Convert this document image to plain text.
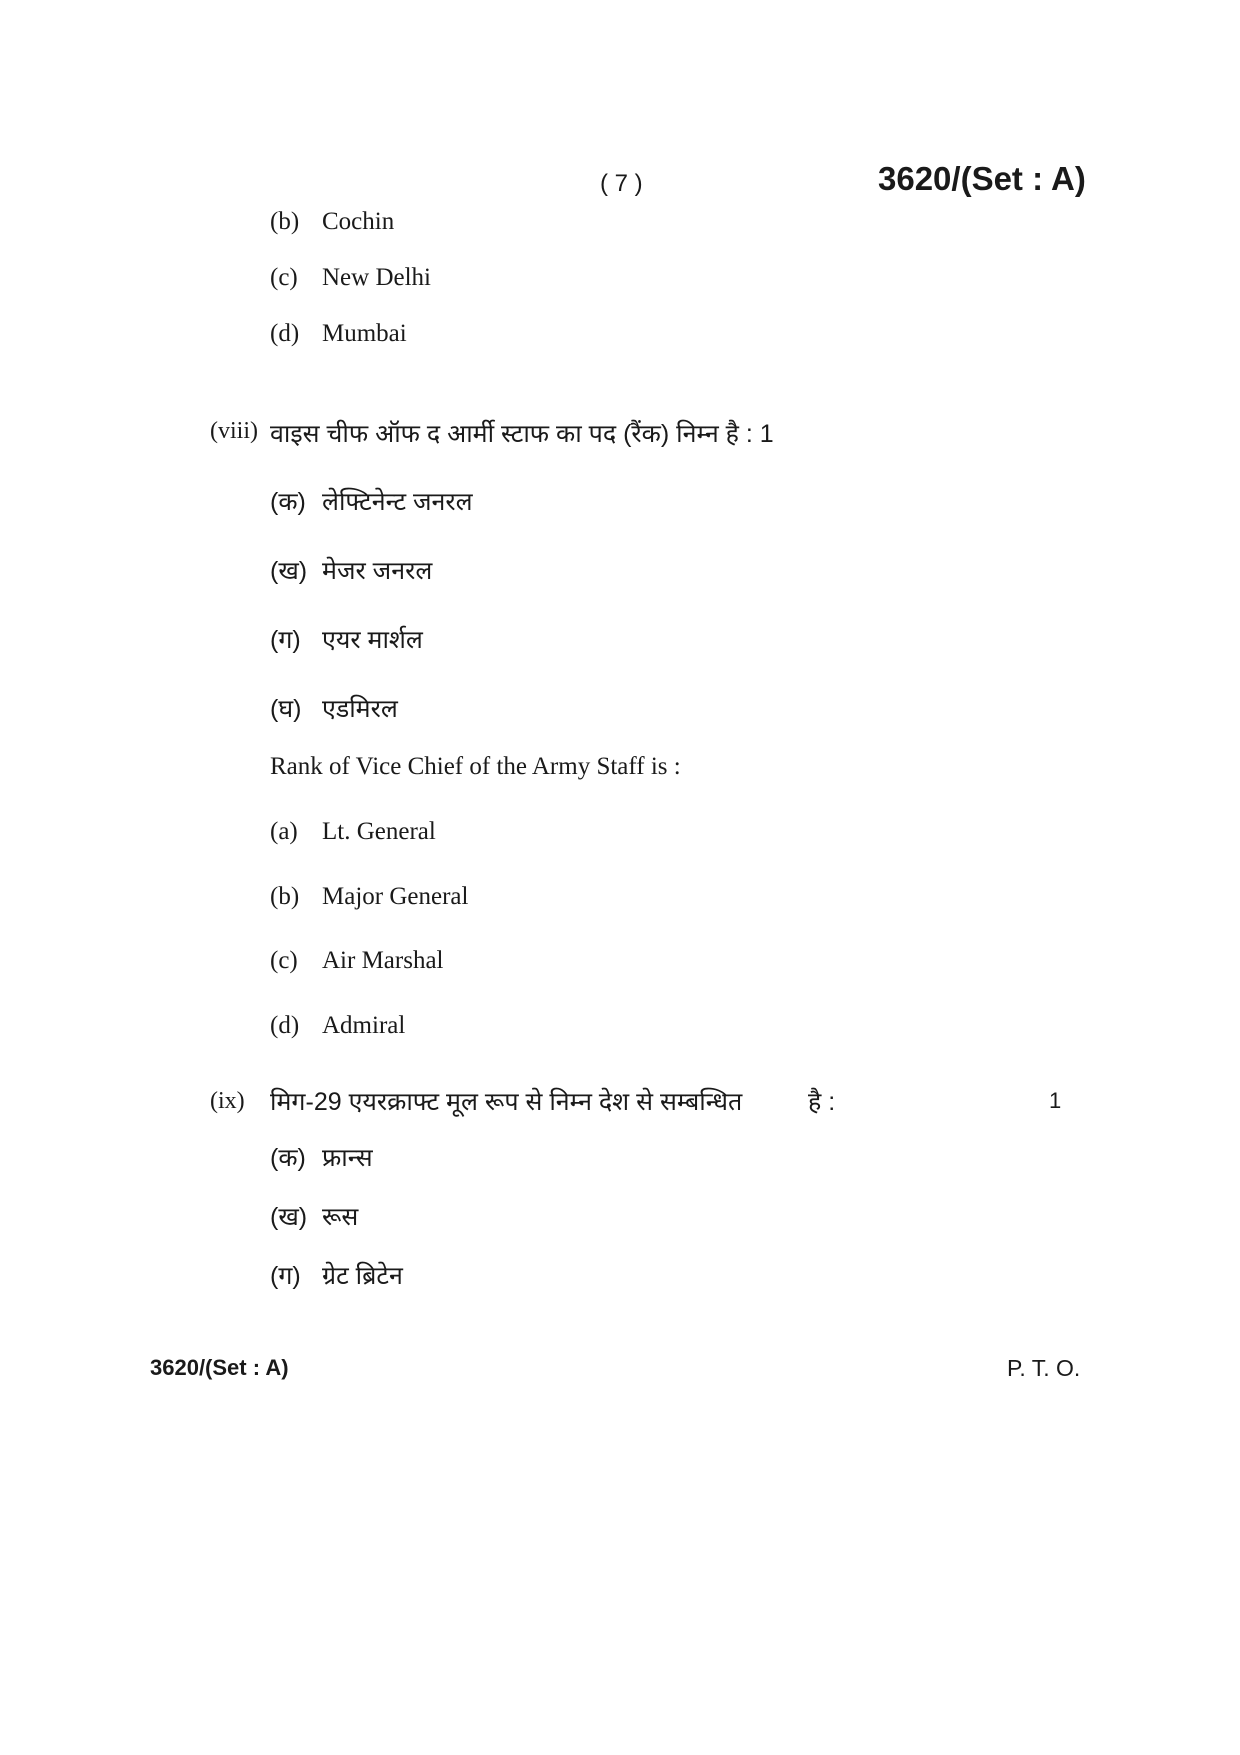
( 7 )	3620/(Set : A)
(b) Cochin
(c) New Delhi
(d) Mumbai
(viii) वाइस चीफ ऑफ द आर्मी स्टाफ का पद (रैंक) निम्न है : 1
(क) लेफ्टिनेन्ट जनरल
(ख) मेजर जनरल
(ग) एयर मार्शल
(घ) एडमिरल
Rank of Vice Chief of the Army Staff is :
(a) Lt. General
(b) Major General
(c) Air Marshal
(d) Admiral
(ix) मिग-29 एयरक्राफ्ट मूल रूप से निम्न देश से सम्बन्धित	है :	1
(क) फ्रान्स
(ख) रूस
(ग) ग्रेट ब्रिटेन
3620/(Set : A)	P. T. O.
